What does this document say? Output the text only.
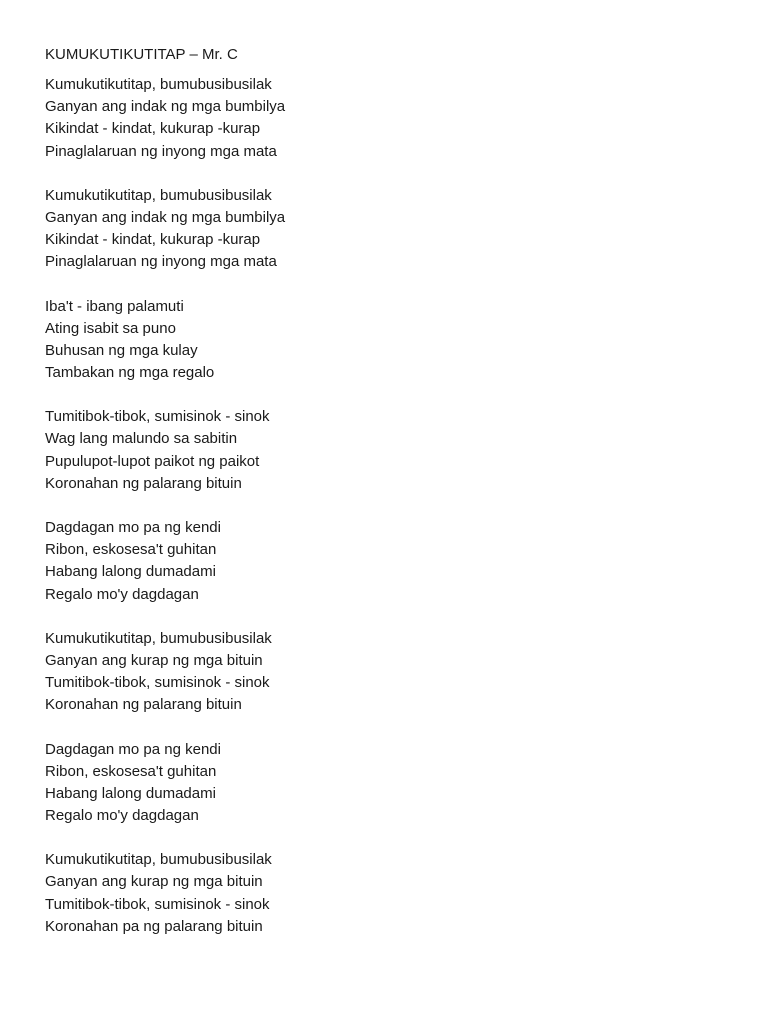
KUMUKUTIKUTITAP – Mr. C
Kumukutikutitap, bumubusibusilak
Ganyan ang indak ng mga bumbilya
Kikindat - kindat, kukurap -kurap
Pinaglalaruan ng inyong mga mata
Kumukutikutitap, bumubusibusilak
Ganyan ang indak ng mga bumbilya
Kikindat - kindat, kukurap -kurap
Pinaglalaruan ng inyong mga mata
Iba't - ibang palamuti
Ating isabit sa puno
Buhusan ng mga kulay
Tambakan ng mga regalo
Tumitibok-tibok, sumisinok - sinok
Wag lang malundo sa sabitin
Pupulupot-lupot paikot ng paikot
Koronahan ng palarang bituin
Dagdagan mo pa ng kendi
Ribon, eskosesa't guhitan
Habang lalong dumadami
Regalo mo'y dagdagan
Kumukutikutitap, bumubusibusilak
Ganyan ang kurap ng mga bituin
Tumitibok-tibok, sumisinok - sinok
Koronahan ng palarang bituin
Dagdagan mo pa ng kendi
Ribon, eskosesa't guhitan
Habang lalong dumadami
Regalo mo'y dagdagan
Kumukutikutitap, bumubusibusilak
Ganyan ang kurap ng mga bituin
Tumitibok-tibok, sumisinok - sinok
Koronahan pa ng palarang bituin
